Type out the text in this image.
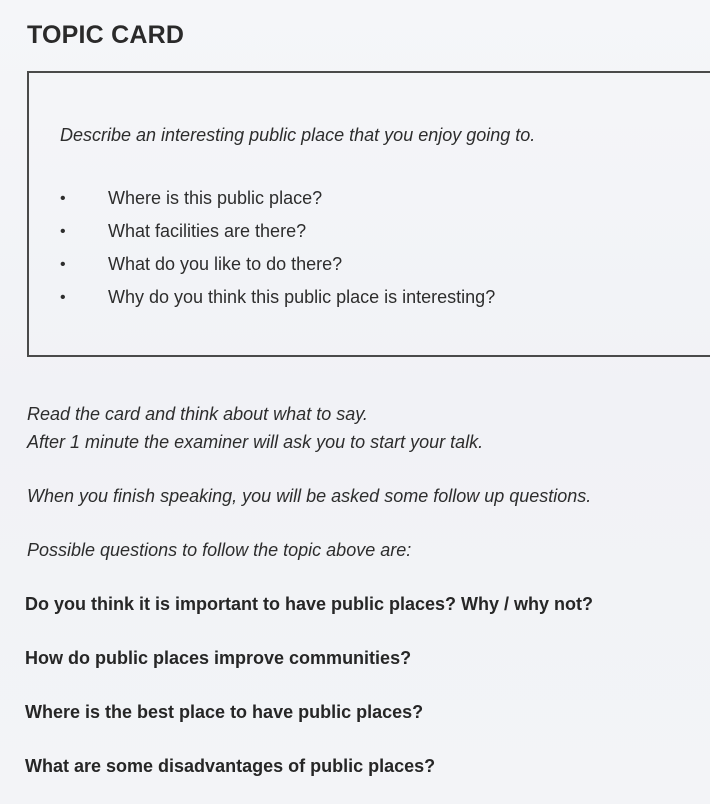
TOPIC CARD
Describe an interesting public place that you enjoy going to.
• Where is this public place?
• What facilities are there?
• What do you like to do there?
• Why do you think this public place is interesting?
Read the card and think about what to say.
After 1 minute the examiner will ask you to start your talk.
When you finish speaking, you will be asked some follow up questions.
Possible questions to follow the topic above are:
Do you think it is important to have public places? Why / why not?
How do public places improve communities?
Where is the best place to have public places?
What are some disadvantages of public places?
